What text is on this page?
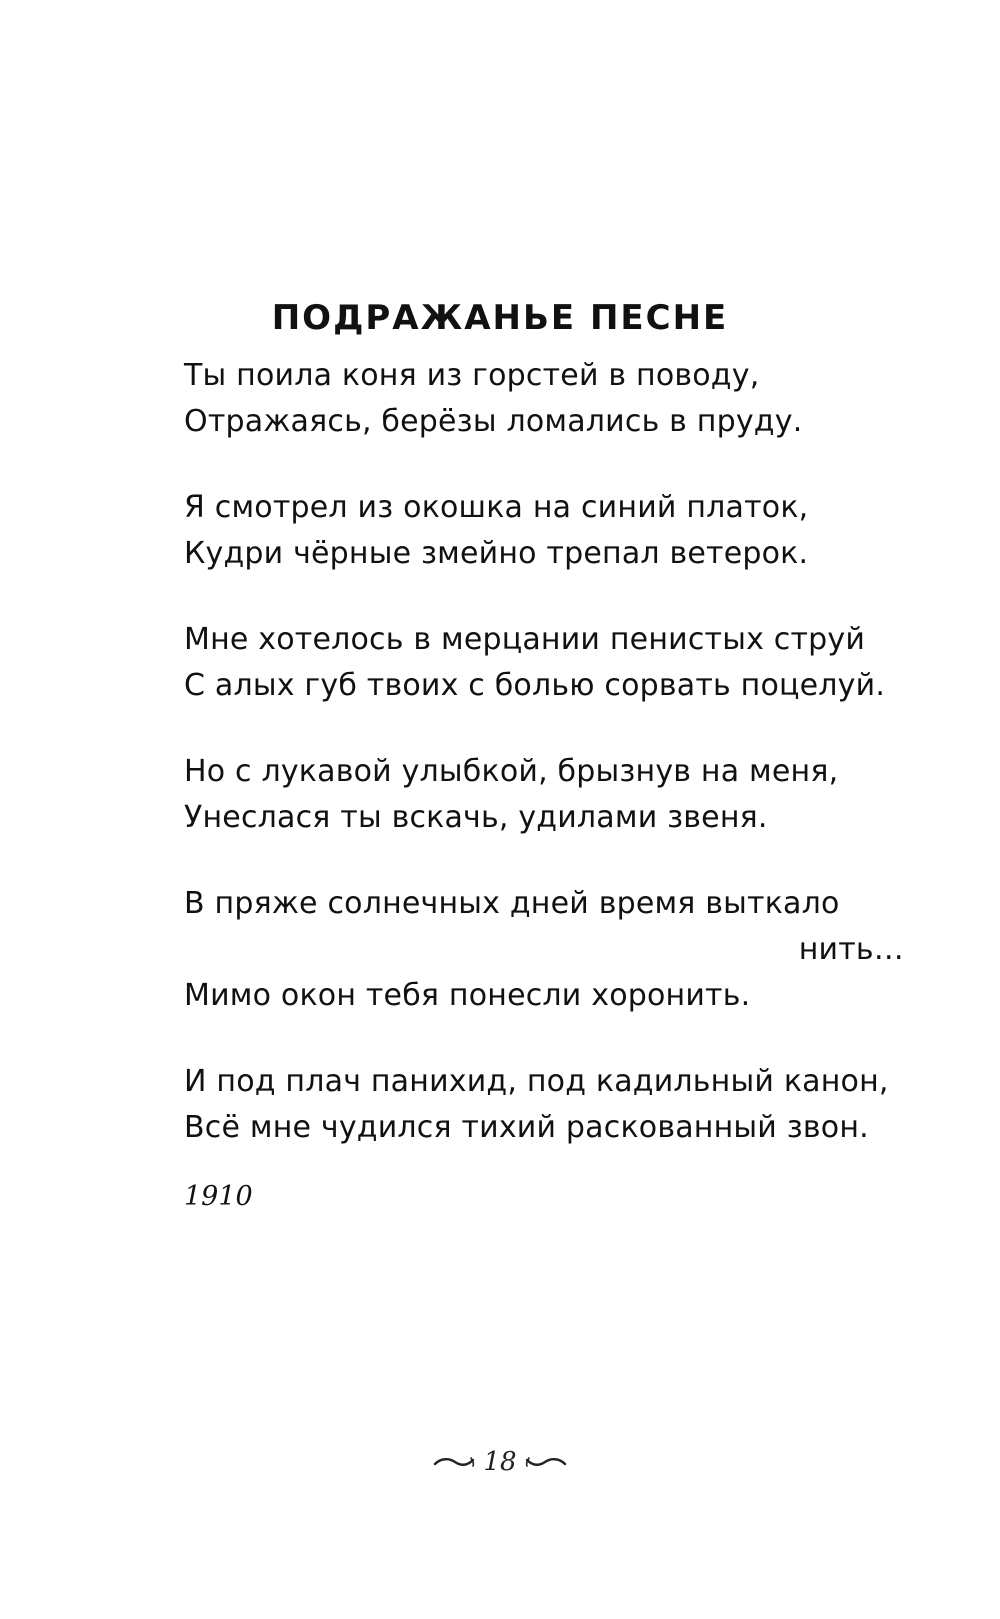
ПОДРАЖАНЬЕ ПЕСНЕ
Ты поила коня из горстей в поводу,
Отражаясь, берёзы ломались в пруду.
Я смотрел из окошка на синий платок,
Кудри чёрные змейно трепал ветерок.
Мне хотелось в мерцании пенистых струй
С алых губ твоих с болью сорвать поцелуй.
Но с лукавой улыбкой, брызнув на меня,
Унеслася ты вскачь, удилами звеня.
В пряже солнечных дней время выткало
нить…
Мимо окон тебя понесли хоронить.
И под плач панихид, под кадильный канон,
Всё мне чудился тихий раскованный звон.
1910
18
